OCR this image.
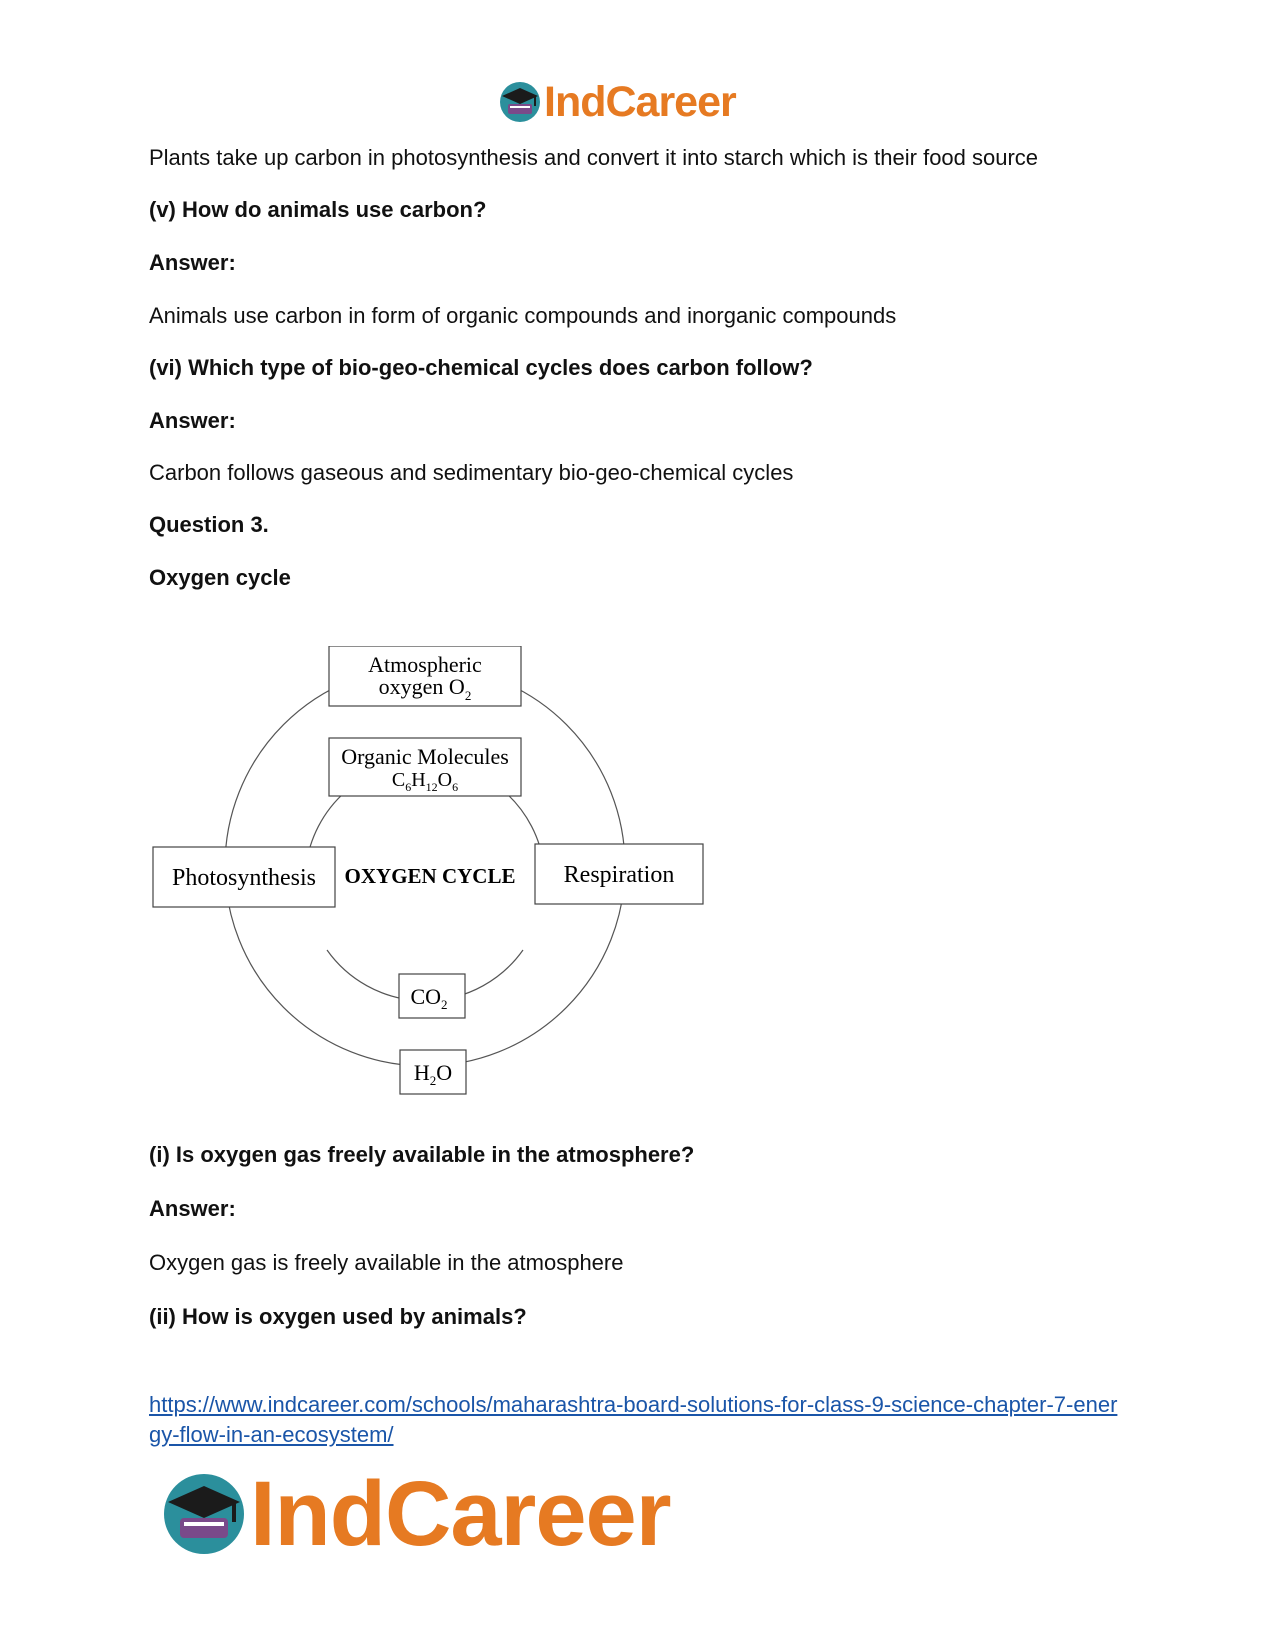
IndCareer
Plants take up carbon in photosynthesis and convert it into starch which is their food source
(v) How do animals use carbon?
Answer:
Animals use carbon in form of organic compounds and inorganic compounds
(vi) Which type of bio-geo-chemical cycles does carbon follow?
Answer:
Carbon follows gaseous and sedimentary bio-geo-chemical cycles
Question 3.
Oxygen cycle
Atmospheric
oxygen $O_2$
Organic Molecules
$C_6H_{12}O_6$
Photosynthesis OXYGEN CYCLE Respiration
$CO_2$
$H_2O$
(i) Is oxygen gas freely available in the atmosphere?
Answer:
Oxygen gas is freely available in the atmosphere
(ii) How is oxygen used by animals?
https://www.indcareer.com/schools/maharashtra-board-solutions-for-class-9-science-chapter-7-energy-flow-in-an-ecosystem/
IndCareer
